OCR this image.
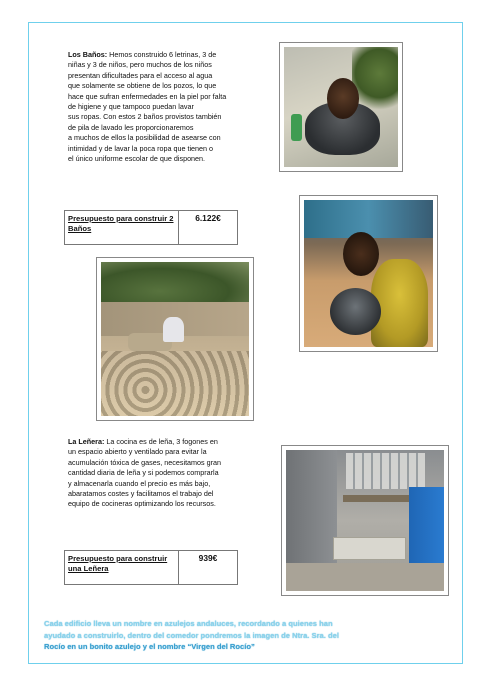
Los Baños: Hemos construido 6 letrinas, 3 de
niñas y 3 de niños, pero muchos de los niños
presentan dificultades para el acceso al agua
que solamente se obtiene de los pozos, lo que
hace que sufran enfermedades en la piel por falta
de higiene y que tampoco puedan lavar
sus ropas. Con estos 2 baños provistos también
de pila de lavado les proporcionaremos
a muchos de ellos la posibilidad de asearse con
intimidad y de lavar la poca ropa que tienen o
el único uniforme escolar de que disponen.
Presupuesto para construir 2 Baños
6.122€
La Leñera: La cocina es de leña, 3 fogones en
un espacio abierto y ventilado para evitar la
acumulación tóxica de gases, necesitamos gran
cantidad diaria de leña y si podemos comprarla
y almacenarla cuando el precio es más bajo,
abaratamos costes y facilitamos el trabajo del
equipo de cocineras optimizando los recursos.
Presupuesto para construir una Leñera
939€
Cada edificio lleva un nombre en azulejos andaluces, recordando a quienes han
ayudado a construirlo, dentro del comedor pondremos la imagen de Ntra. Sra. del
Rocío en un bonito azulejo y el nombre “Virgen del Rocío”
